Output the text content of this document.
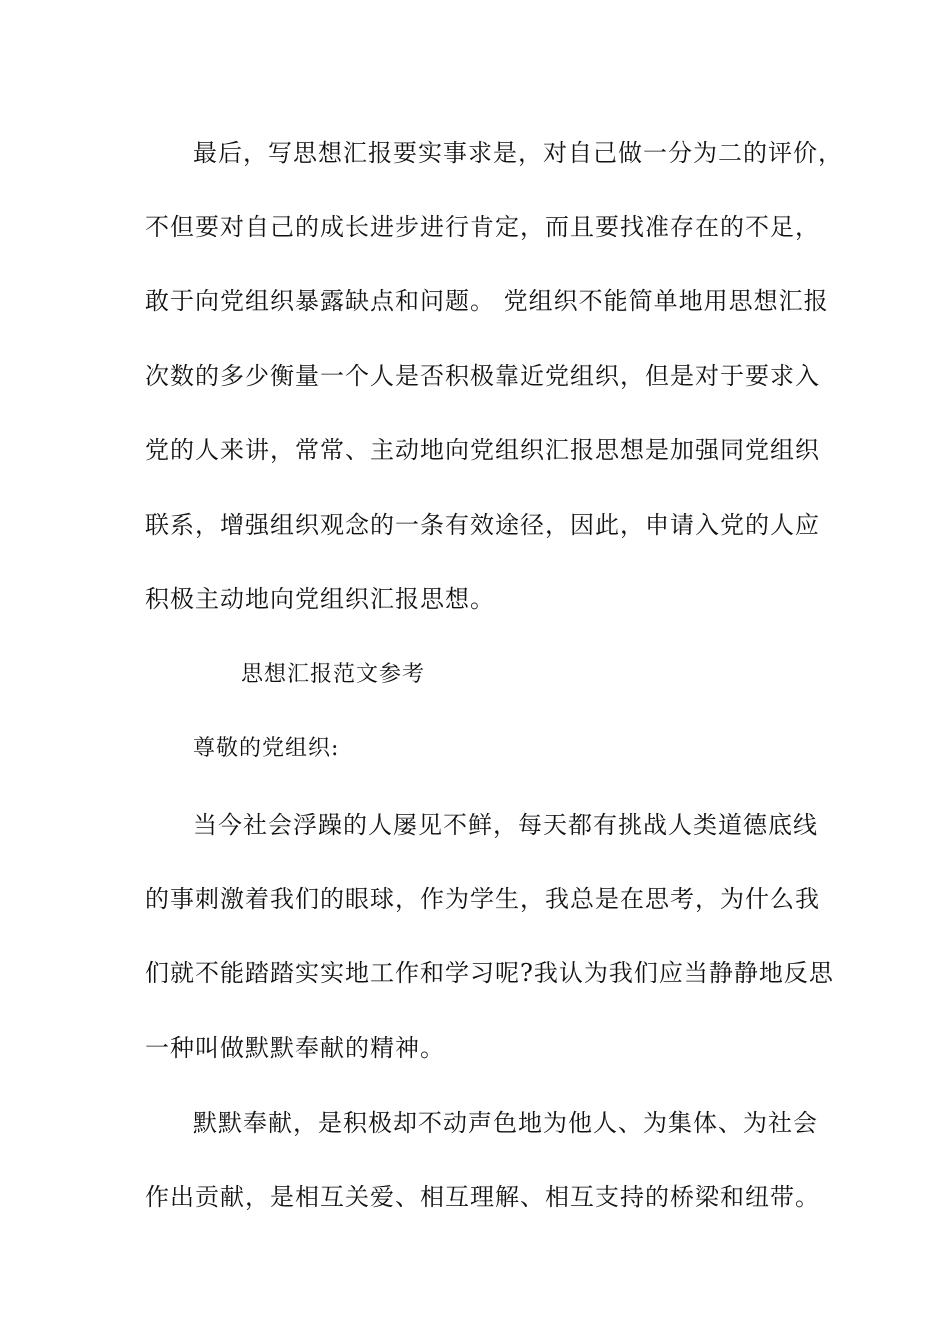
最后，写思想汇报要实事求是，对自己做一分为二的评价，
不但要对自己的成长进步进行肯定，而且要找准存在的不足，
敢于向党组织暴露缺点和问题。 党组织不能简单地用思想汇报
次数的多少衡量一个人是否积极靠近党组织，但是对于要求入
党的人来讲，常常、主动地向党组织汇报思想是加强同党组织
联系，增强组织观念的一条有效途径，因此，申请入党的人应
积极主动地向党组织汇报思想。
思想汇报范文参考
尊敬的党组织:
当今社会浮躁的人屡见不鲜，每天都有挑战人类道德底线
的事刺激着我们的眼球，作为学生，我总是在思考，为什么我
们就不能踏踏实实地工作和学习呢?我认为我们应当静静地反思
一种叫做默默奉献的精神。
默默奉献，是积极却不动声色地为他人、为集体、为社会
作出贡献，是相互关爱、相互理解、相互支持的桥梁和纽带。
